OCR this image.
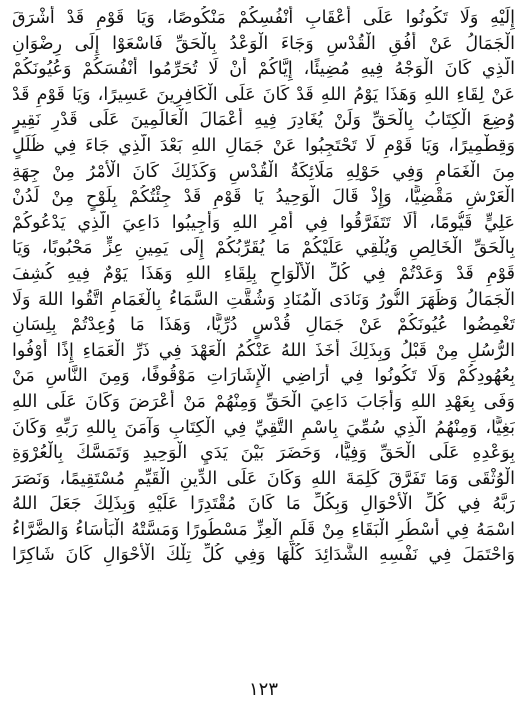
إِلَيْهِ وَلَا تَكُونُوا عَلَى أَعْقَابِ أَنْفُسِكُمْ مَنْكُوصًا، وَيَا قَوْمِ قَدْ أَشْرَقَ
الْجَمَالُ عَنْ أُفُقِ الْقُدْسِ وَجَاءَ الْوَعْدُ بِالْحَقِّ فَاسْعَوْا إِلَى رِضْوَانِ
الَّذِي كَانَ الْوَجْهُ فِيهِ مُضِيئًا، إِيَّاكُمْ أَنْ لَا تُحَرِّمُوا أَنْفُسَكُمْ وَعُيُونَكُمْ
عَنْ لِقَاءِ اللهِ وَهَذَا يَوْمُ اللهِ قَدْ كَانَ عَلَى الْكَافِرِينَ عَسِيرًا، وَيَا قَوْمِ قَدْ
وُضِعَ الْكِتَابُ بِالْحَقِّ وَلَنْ يُغَادِرَ فِيهِ أَعْمَالَ الْعَالَمِينَ عَلَى قَدْرِ نَقِيرٍ
وَقِطْمِيرًا، وَيَا قَوْمِ لَا تَحْتَجِبُوا عَنْ جَمَالِ اللهِ بَعْدَ الَّذِي جَاءَ فِي ظُلَلٍ
مِنَ الْغَمَامِ وَفِي حَوْلِهِ مَلَائِكَةُ الْقُدْسِ وَكَذَلِكَ كَانَ الْأَمْرُ مِنْ جِهَةِ
الْعَرْشِ مَقْضِيًّا، وَإِذْ قَالَ الْوَحِيدُ يَا قَوْمِ قَدْ جِئْتُكُمْ بِلَوْحٍ مِنْ لَدُنْ
عَلِيٍّ قَيُّومًا، أَلَا تَتَفَرَّقُوا فِي أَمْرِ اللهِ وَأَجِيبُوا دَاعِيَ الَّذِي يَدْعُوكُمْ
بِالْحَقِّ الْخَالِصِ وَيُلْقِي عَلَيْكُمْ مَا يُقَرِّبُكُمْ إِلَى يَمِينِ عِزٍّ مَحْبُوبًا، وَيَا
قَوْمِ قَدْ وَعَدْتُمْ فِي كُلِّ الْأَلْوَاحِ بِلِقَاءِ اللهِ وَهَذَا يَوْمٌ فِيهِ كُشِفَ
الْجَمَالُ وَظَهَرَ النُّورُ وَنَادَى الْمُنَادِ وَشُقَّتِ السَّمَاءُ بِالْغَمَامِ اتَّقُوا اللهَ وَلَا
تَغْمِضُوا عُيُونَكُمْ عَنْ جَمَالِ قُدْسٍ دُرِّيًّا، وَهَذَا مَا وُعِدْتُمْ بِلِسَانِ
الرُّسُلِ مِنْ قَبْلُ وَبِذَلِكَ أَخَذَ اللهُ عَنْكُمُ الْعَهْدَ فِي ذَرِّ الْعَمَاءِ إِذًا أَوْفُوا
بِعُهُودِكُمْ وَلَا تَكُونُوا فِي أَرَاضِي الْإِشَارَاتِ مَوْقُوفًا، وَمِنَ النَّاسِ مَنْ
وَفَى بِعَهْدِ اللهِ وَأَجَابَ دَاعِيَ الْحَقِّ وَمِنْهُمْ مَنْ أَعْرَضَ وَكَانَ عَلَى اللهِ
بَغِيًّا، وَمِنْهُمُ الَّذِي سُمِّيَ بِاسْمِ التَّقِيِّ فِي الْكِتَابِ وَآمَنَ بِاللهِ رَبِّهِ وَكَانَ
بِوَعْدِهِ عَلَى الْحَقِّ وَفِيًّا، وَحَضَرَ بَيْنَ يَدَيِ الْوَحِيدِ وَتَمَسَّكَ بِالْعُرْوَةِ
الْوُثْقَى وَمَا تَفَرَّقَ كَلِمَةَ اللهِ وَكَانَ عَلَى الدِّينِ الْقَيِّمِ مُسْتَقِيمًا، وَنَصَرَ
رَبَّهُ فِي كُلِّ الْأَحْوَالِ وَبِكُلِّ مَا كَانَ مُقْتَدِرًا عَلَيْهِ وَبِذَلِكَ جَعَلَ اللهُ
اسْمَهُ فِي أَسْطُرِ الْبَقَاءِ مِنْ قَلَمِ الْعِزِّ مَسْطُورًا وَمَسَّتْهُ الْبَأْسَاءُ وَالضَّرَّاءُ
وَاحْتَمَلَ فِي نَفْسِهِ الشَّدَائِدَ كُلَّهَا وَفِي كُلِّ تِلْكَ الْأَحْوَالِ كَانَ شَاكِرًا
١٢٣
